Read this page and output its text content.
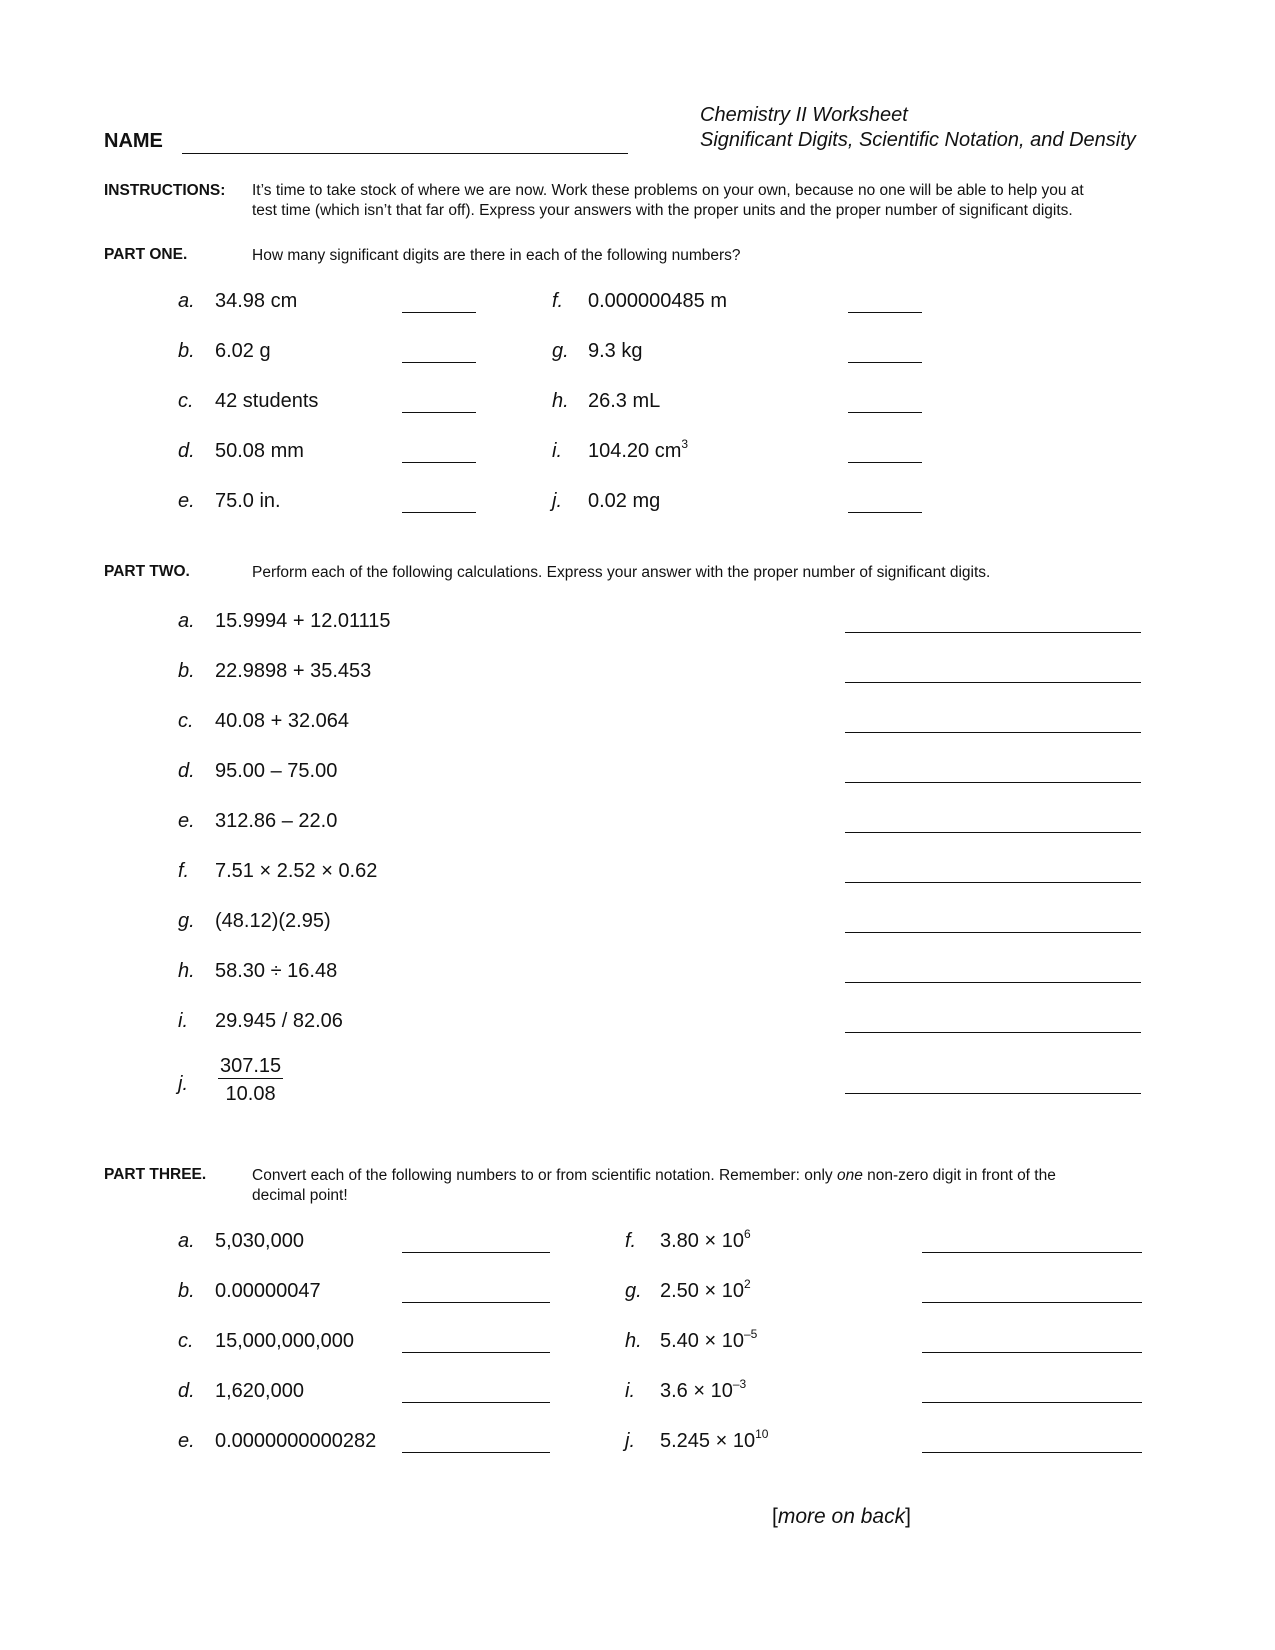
Chemistry II Worksheet
Significant Digits, Scientific Notation, and Density
NAME
INSTRUCTIONS: It’s time to take stock of where we are now. Work these problems on your own, because no one will be able to help you at
test time (which isn’t that far off). Express your answers with the proper units and the proper number of significant digits.
PART ONE.	How many significant digits are there in each of the following numbers?
a. 34.98 cm
b. 6.02 g
c. 42 students
d. 50.08 mm
e. 75.0 in.
f. 0.000000485 m
g. 9.3 kg
h. 26.3 mL
i. 104.20 $cm^3$
j. 0.02 mg
PART TWO.	Perform each of the following calculations. Express your answer with the proper number of significant digits.
a. 15.9994 + 12.01115
b. 22.9898 + 35.453
c. 40.08 + 32.064
d. 95.00 – 75.00
e. 312.86 – 22.0
f. 7.51 × 2.52 × 0.62
g. (48.12)(2.95)
h. 58.30 ÷ 16.48
i. 29.945 / 82.06
j. $\frac{307.15}{10.08}$
PART THREE.	Convert each of the following numbers to or from scientific notation. Remember: only one non-zero digit in front of the
decimal point!
a. 5,030,000
b. 0.00000047
c. 15,000,000,000
d. 1,620,000
e. 0.0000000000282
f. $3.80 \times 10^6$
g. $2.50 \times 10^2$
h. $5.40 \times 10^{-5}$
i. $3.6 \times 10^{-3}$
j. $5.245 \times 10^{10}$
[more on back]
